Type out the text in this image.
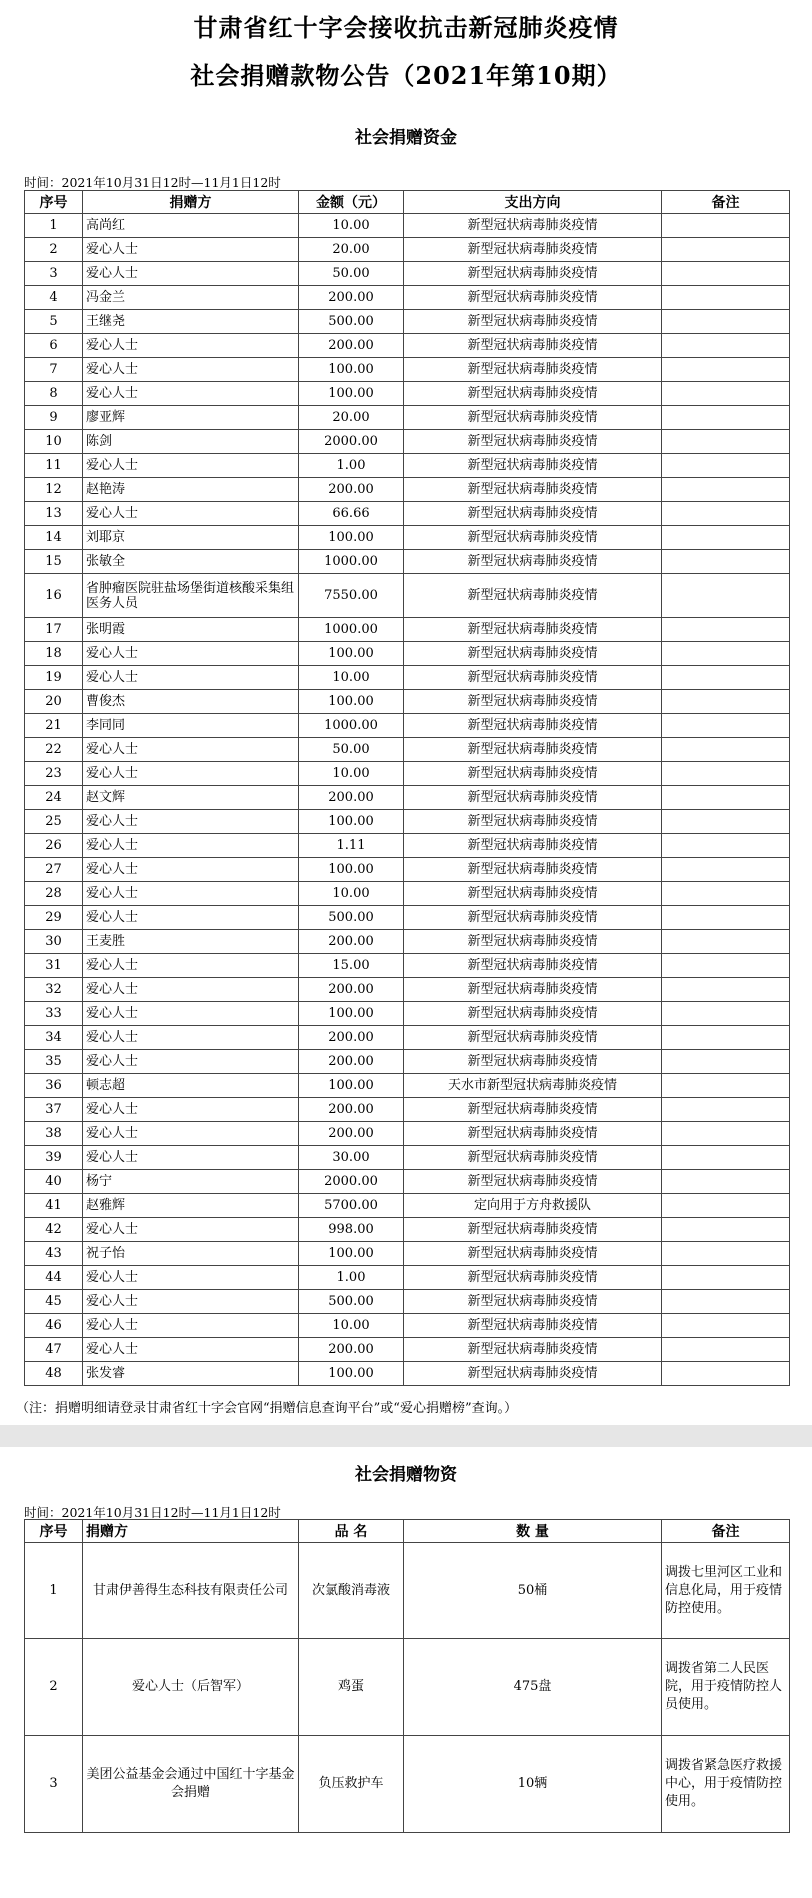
甘肃省红十字会接收抗击新冠肺炎疫情
社会捐赠款物公告（2021年第10期）
社会捐赠资金
时间：2021年10月31日12时—11月1日12时
序号	捐赠方	金额（元）	支出方向	备注
1	高尚红	10.00	新型冠状病毒肺炎疫情	
2	爱心人士	20.00	新型冠状病毒肺炎疫情	
3	爱心人士	50.00	新型冠状病毒肺炎疫情	
4	冯金兰	200.00	新型冠状病毒肺炎疫情	
5	王继尧	500.00	新型冠状病毒肺炎疫情	
6	爱心人士	200.00	新型冠状病毒肺炎疫情	
7	爱心人士	100.00	新型冠状病毒肺炎疫情	
8	爱心人士	100.00	新型冠状病毒肺炎疫情	
9	廖亚辉	20.00	新型冠状病毒肺炎疫情	
10	陈剑	2000.00	新型冠状病毒肺炎疫情	
11	爱心人士	1.00	新型冠状病毒肺炎疫情	
12	赵艳涛	200.00	新型冠状病毒肺炎疫情	
13	爱心人士	66.66	新型冠状病毒肺炎疫情	
14	刘耶京	100.00	新型冠状病毒肺炎疫情	
15	张敏全	1000.00	新型冠状病毒肺炎疫情	
16	省肿瘤医院驻盐场堡街道核酸采集组医务人员	7550.00	新型冠状病毒肺炎疫情	
17	张明霞	1000.00	新型冠状病毒肺炎疫情	
18	爱心人士	100.00	新型冠状病毒肺炎疫情	
19	爱心人士	10.00	新型冠状病毒肺炎疫情	
20	曹俊杰	100.00	新型冠状病毒肺炎疫情	
21	李同同	1000.00	新型冠状病毒肺炎疫情	
22	爱心人士	50.00	新型冠状病毒肺炎疫情	
23	爱心人士	10.00	新型冠状病毒肺炎疫情	
24	赵文辉	200.00	新型冠状病毒肺炎疫情	
25	爱心人士	100.00	新型冠状病毒肺炎疫情	
26	爱心人士	1.11	新型冠状病毒肺炎疫情	
27	爱心人士	100.00	新型冠状病毒肺炎疫情	
28	爱心人士	10.00	新型冠状病毒肺炎疫情	
29	爱心人士	500.00	新型冠状病毒肺炎疫情	
30	王麦胜	200.00	新型冠状病毒肺炎疫情	
31	爱心人士	15.00	新型冠状病毒肺炎疫情	
32	爱心人士	200.00	新型冠状病毒肺炎疫情	
33	爱心人士	100.00	新型冠状病毒肺炎疫情	
34	爱心人士	200.00	新型冠状病毒肺炎疫情	
35	爱心人士	200.00	新型冠状病毒肺炎疫情	
36	顿志超	100.00	天水市新型冠状病毒肺炎疫情	
37	爱心人士	200.00	新型冠状病毒肺炎疫情	
38	爱心人士	200.00	新型冠状病毒肺炎疫情	
39	爱心人士	30.00	新型冠状病毒肺炎疫情	
40	杨宁	2000.00	新型冠状病毒肺炎疫情	
41	赵雅辉	5700.00	定向用于方舟救援队	
42	爱心人士	998.00	新型冠状病毒肺炎疫情	
43	祝子怡	100.00	新型冠状病毒肺炎疫情	
44	爱心人士	1.00	新型冠状病毒肺炎疫情	
45	爱心人士	500.00	新型冠状病毒肺炎疫情	
46	爱心人士	10.00	新型冠状病毒肺炎疫情	
47	爱心人士	200.00	新型冠状病毒肺炎疫情	
48	张发睿	100.00	新型冠状病毒肺炎疫情	
（注：捐赠明细请登录甘肃省红十字会官网“捐赠信息查询平台”或“爱心捐赠榜”查询。）
社会捐赠物资
时间：2021年10月31日12时—11月1日12时
序号	捐赠方	品 名	数 量	备注
1	甘肃伊善得生态科技有限责任公司	次氯酸消毒液	50桶	调拨七里河区工业和信息化局，用于疫情防控使用。
2	爱心人士（后智军）	鸡蛋	475盘	调拨省第二人民医院，用于疫情防控人员使用。
3	美团公益基金会通过中国红十字基金会捐赠	负压救护车	10辆	调拨省紧急医疗救援中心，用于疫情防控使用。
